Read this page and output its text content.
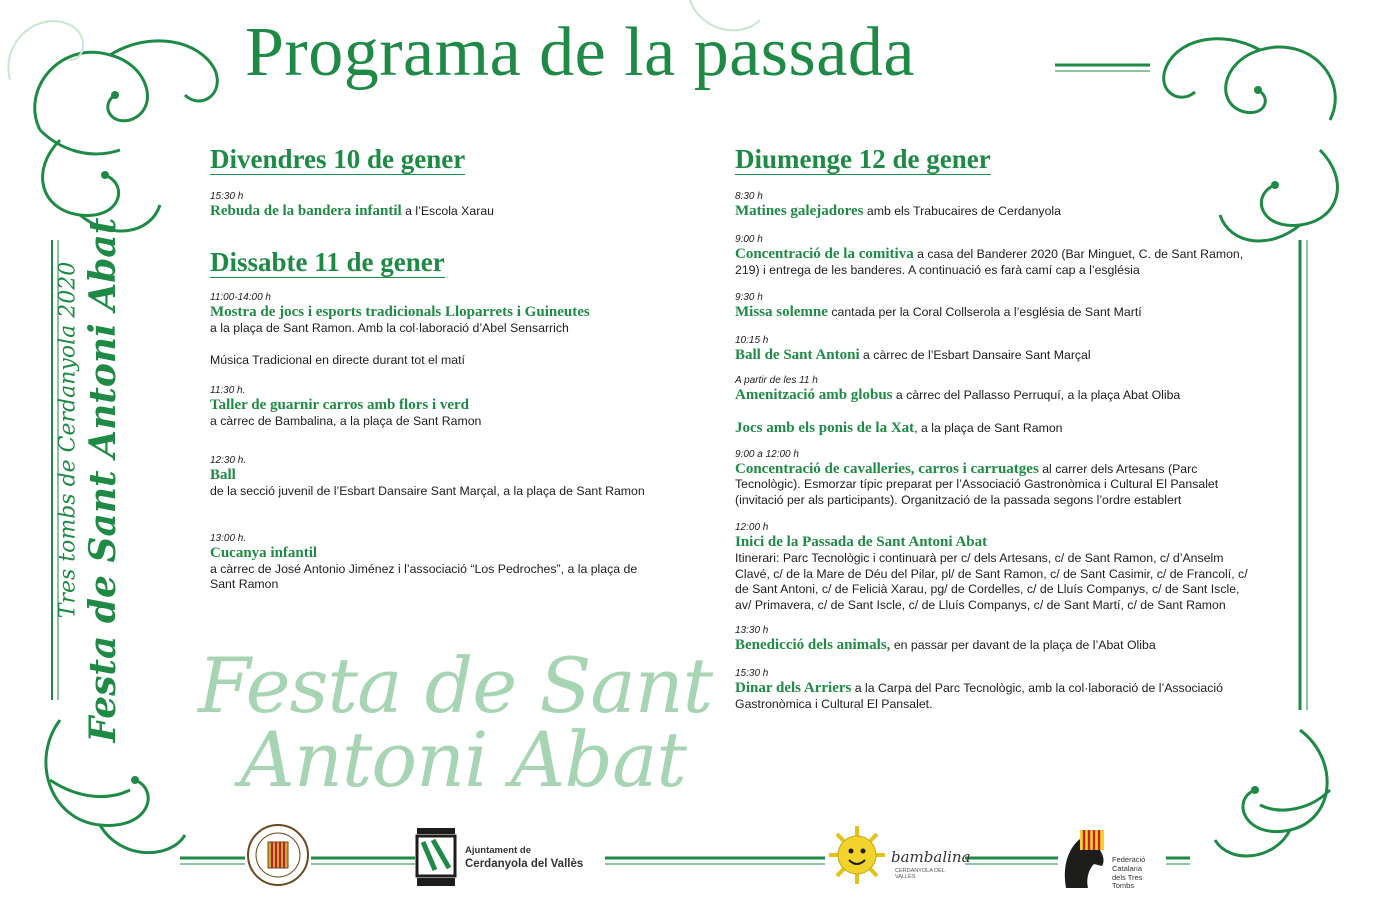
Programa de la passada
Festa de Sant Antoni Abat
Tres tombs de Cerdanyola 2020
Divendres 10 de gener
15:30 h
Rebuda de la bandera infantil a l’Escola Xarau
Dissabte 11 de gener
11:00-14:00 h
Mostra de jocs i esports tradicionals Lloparrets i Guineutes
a la plaça de Sant Ramon. Amb la col·laboració d’Abel Sensarrich
Música Tradicional en directe durant tot el matí
11:30 h.
Taller de guarnir carros amb flors i verd
a càrrec de Bambalina, a la plaça de Sant Ramon
12:30 h.
Ball
de la secció juvenil de l’Esbart Dansaire Sant Marçal, a la plaça de Sant Ramon
13:00 h.
Cucanya infantil
a càrrec de José Antonio Jiménez i l’associació “Los Pedroches”, a la plaça de Sant Ramon
Festa de Sant
Antoni Abat
Diumenge 12 de gener
8:30 h
Matines galejadores amb els Trabucaires de Cerdanyola
9:00 h
Concentració de la comitiva a casa del Banderer 2020 (Bar Minguet, C. de Sant Ramon, 219) i entrega de les banderes. A continuació es farà camí cap a l’església
9:30 h
Missa solemne cantada per la Coral Collserola a l’església de Sant Martí
10:15 h
Ball de Sant Antoni a càrrec de l’Esbart Dansaire Sant Marçal
A partir de les 11 h
Amenització amb globus a càrrec del Pallasso Perruquí, a la plaça Abat Oliba
Jocs amb els ponis de la Xat, a la plaça de Sant Ramon
9:00 a 12:00 h
Concentració de cavalleries, carros i carruatges al carrer dels Artesans (Parc Tecnològic). Esmorzar típic preparat per l’Associació Gastronòmica i Cultural El Pansalet (invitació per als participants). Organització de la passada segons l’ordre establert
12:00 h
Inici de la Passada de Sant Antoni Abat
Itinerari: Parc Tecnològic i continuarà per c/ dels Artesans, c/ de Sant Ramon, c/ d’Anselm Clavé, c/ de la Mare de Déu del Pilar, pl/ de Sant Ramon, c/ de Sant Casimir, c/ de Francolí, c/ de Sant Antoni, c/ de Felicià Xarau, pg/ de Cordelles, c/ de Lluís Companys, c/ de Sant Iscle, av/ Primavera, c/ de Sant Iscle, c/ de Lluís Companys, c/ de Sant Martí, c/ de Sant Ramon
13:30 h
Benedicció dels animals, en passar per davant de la plaça de l’Abat Oliba
15:30 h
Dinar dels Arriers a la Carpa del Parc Tecnològic, amb la col·laboració de l’Associació Gastronòmica i Cultural El Pansalet.
Ajuntament de
Cerdanyola del Vallès	bambalina
CERDANYOLA DEL VALLÈS
Federació
Catalana
dels Tres Tombs
